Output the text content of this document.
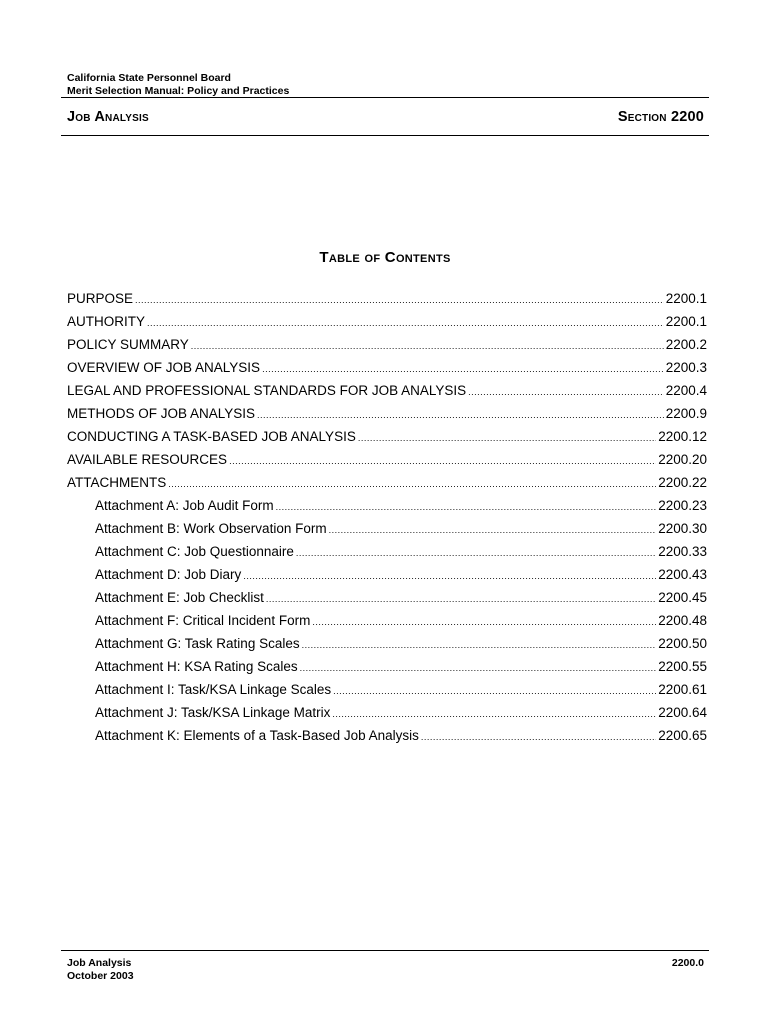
California State Personnel Board
Merit Selection Manual: Policy and Practices
Job Analysis	Section 2200
Table of Contents
PURPOSE .....	2200.1
AUTHORITY .....	2200.1
POLICY SUMMARY .....	2200.2
OVERVIEW OF JOB ANALYSIS .....	2200.3
LEGAL AND PROFESSIONAL STANDARDS FOR JOB ANALYSIS .....	2200.4
METHODS OF JOB ANALYSIS .....	2200.9
CONDUCTING A TASK-BASED JOB ANALYSIS .....	2200.12
AVAILABLE RESOURCES .....	2200.20
ATTACHMENTS .....	2200.22
Attachment A: Job Audit Form .....	2200.23
Attachment B: Work Observation Form .....	2200.30
Attachment C: Job Questionnaire .....	2200.33
Attachment D: Job Diary .....	2200.43
Attachment E: Job Checklist .....	2200.45
Attachment F: Critical Incident Form .....	2200.48
Attachment G: Task Rating Scales .....	2200.50
Attachment H: KSA Rating Scales .....	2200.55
Attachment I: Task/KSA Linkage Scales .....	2200.61
Attachment J: Task/KSA Linkage Matrix .....	2200.64
Attachment K: Elements of a Task-Based Job Analysis .....	2200.65
Job Analysis
October 2003
2200.0
